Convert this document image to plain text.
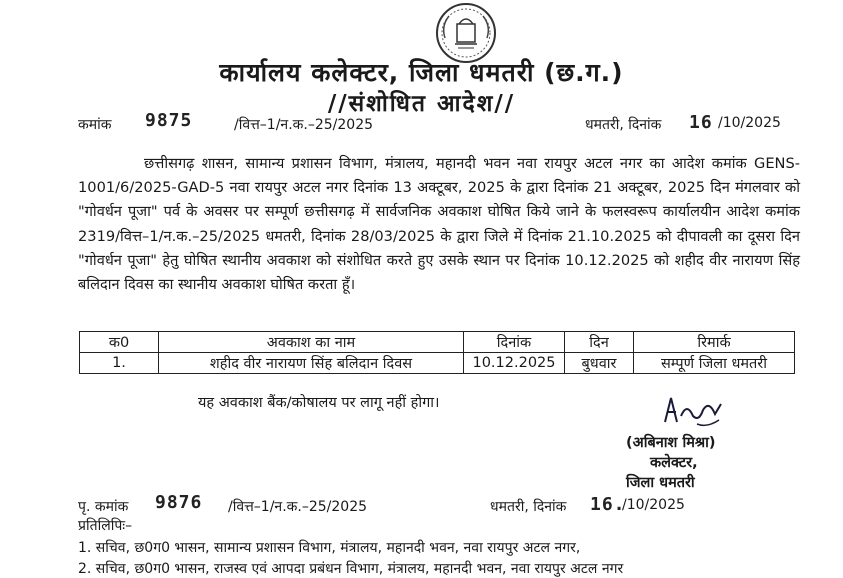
कार्यालय कलेक्टर, जिला धमतरी (छ.ग.)
//संशोधित आदेश//
कमांक 9875	/वित्त–1/न.क.–25/2025	धमतरी, दिनांक 16 /10/2025

छत्तीसगढ़ शासन, सामान्य प्रशासन विभाग, मंत्रालय, महानदी भवन नवा रायपुर अटल नगर का आदेश कमांक GENS-1001/6/2025-GAD-5 नवा रायपुर अटल नगर दिनांक 13 अक्टूबर, 2025 के द्वारा दिनांक 21 अक्टूबर, 2025 दिन मंगलवार को "गोवर्धन पूजा" पर्व के अवसर पर सम्पूर्ण छत्तीसगढ़ में सार्वजनिक अवकाश घोषित किये जाने के फलस्वरूप कार्यालयीन आदेश कमांक 2319/वित्त–1/न.क.–25/2025 धमतरी, दिनांक 28/03/2025 के द्वारा जिले में दिनांक 21.10.2025 को दीपावली का दूसरा दिन "गोवर्धन पूजा" हेतु घोषित स्थानीय अवकाश को संशोधित करते हुए उसके स्थान पर दिनांक 10.12.2025 को शहीद वीर नारायण सिंह बलिदान दिवस का स्थानीय अवकाश घोषित करता हूँ।

क0	अवकाश का नाम	दिनांक	दिन	रिमार्क
1.	शहीद वीर नारायण सिंह बलिदान दिवस	10.12.2025	बुधवार	सम्पूर्ण जिला धमतरी
यह अवकाश बैंक/कोषालय पर लागू नहीं होगा।
(अबिनाश मिश्रा)
कलेक्टर,
जिला धमतरी
पृ. कमांक 9876 /वित्त–1/न.क.–25/2025	धमतरी, दिनांक 16.
/10/2025
प्रतिलिपिः–
1. सचिव, छ0ग0 भासन, सामान्य प्रशासन विभाग, मंत्रालय, महानदी भवन, नवा रायपुर अटल नगर,
2. सचिव, छ0ग0 भासन, राजस्व एवं आपदा प्रबंधन विभाग, मंत्रालय, महानदी भवन, नवा रायपुर अटल नगर
